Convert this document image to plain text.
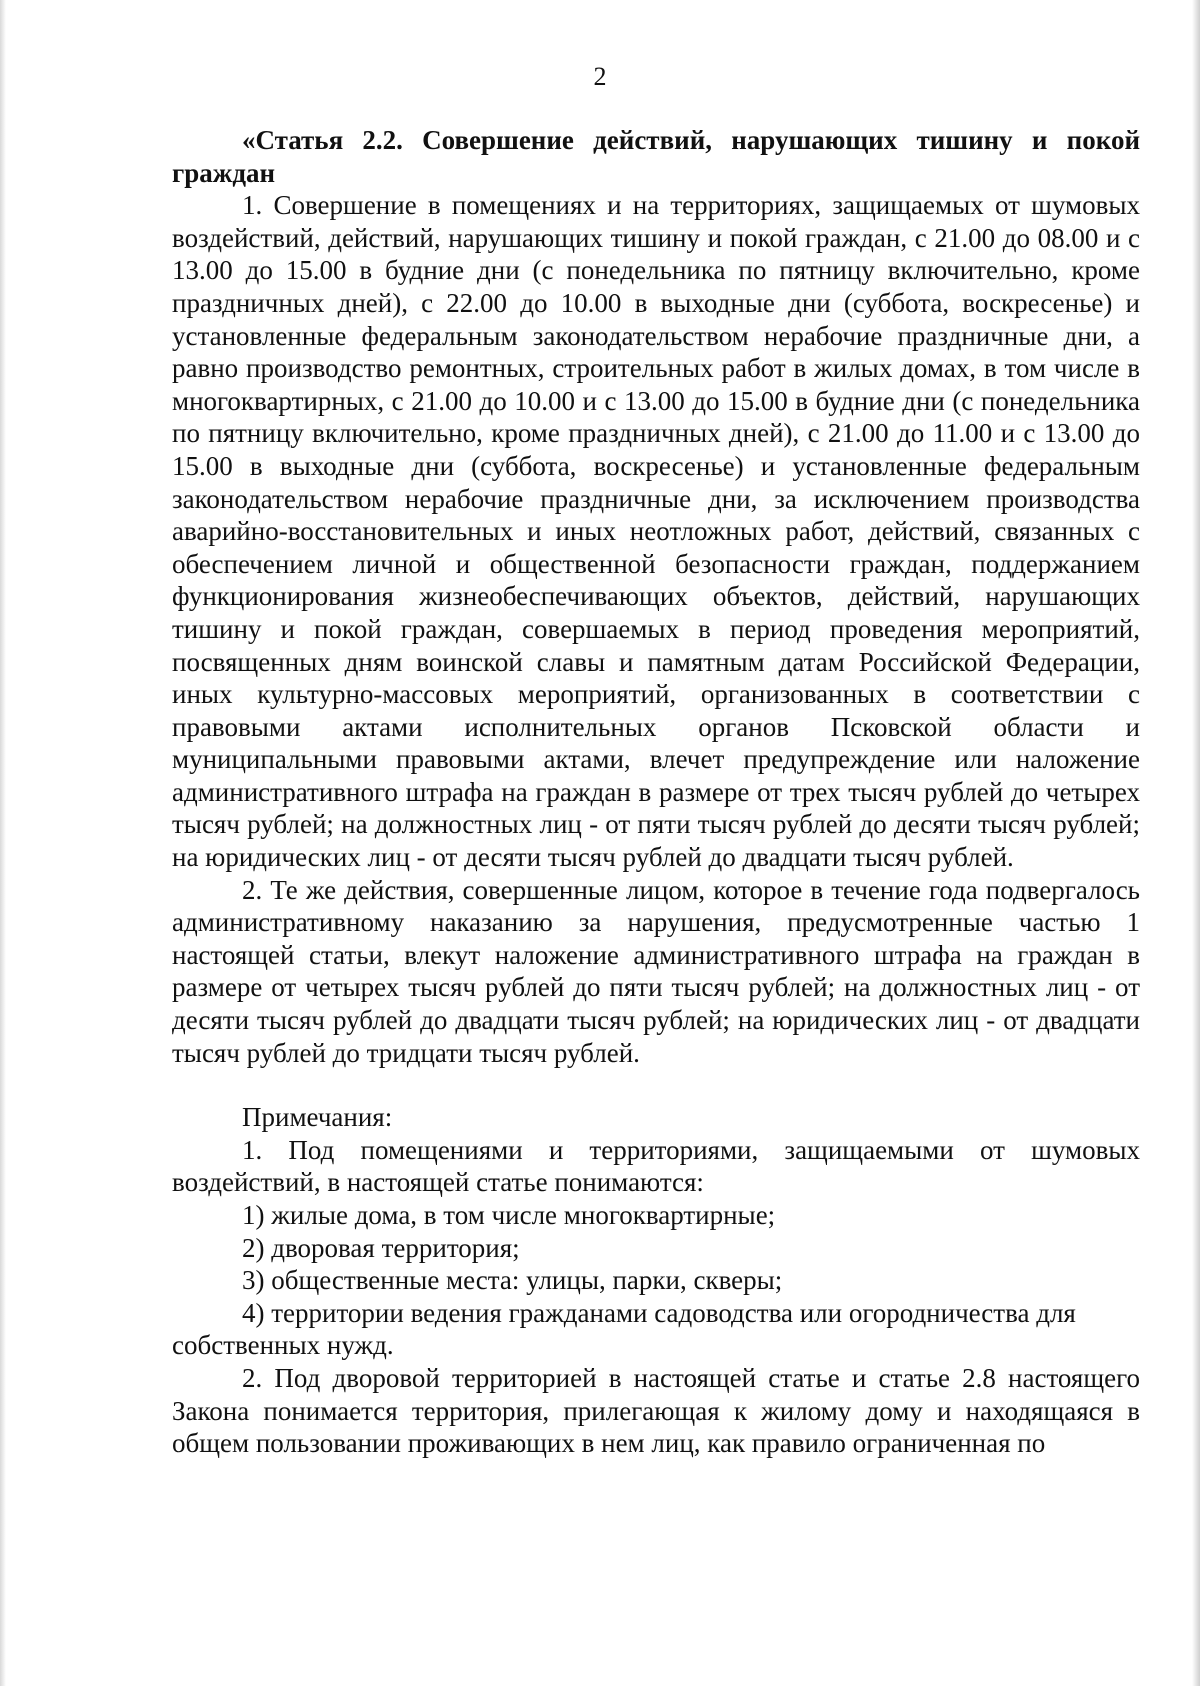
2

«Статья 2.2. Совершение действий, нарушающих тишину и покой граждан

1. Совершение в помещениях и на территориях, защищаемых от шумовых воздействий, действий, нарушающих тишину и покой граждан, с 21.00 до 08.00 и с 13.00 до 15.00 в будние дни (с понедельника по пятницу включительно, кроме праздничных дней), с 22.00 до 10.00 в выходные дни (суббота, воскресенье) и установленные федеральным законодательством нерабочие праздничные дни, а равно производство ремонтных, строительных работ в жилых домах, в том числе в многоквартирных, с 21.00 до 10.00 и с 13.00 до 15.00 в будние дни (с понедельника по пятницу включительно, кроме праздничных дней), с 21.00 до 11.00 и с 13.00 до 15.00 в выходные дни (суббота, воскресенье) и установленные федеральным законодательством нерабочие праздничные дни, за исключением производства аварийно-восстановительных и иных неотложных работ, действий, связанных с обеспечением личной и общественной безопасности граждан, поддержанием функционирования жизнеобеспечивающих объектов, действий, нарушающих тишину и покой граждан, совершаемых в период проведения мероприятий, посвященных дням воинской славы и памятным датам Российской Федерации, иных культурно-массовых мероприятий, организованных в соответствии с правовыми актами исполнительных органов Псковской области и муниципальными правовыми актами, влечет предупреждение или наложение административного штрафа на граждан в размере от трех тысяч рублей до четырех тысяч рублей; на должностных лиц - от пяти тысяч рублей до десяти тысяч рублей; на юридических лиц - от десяти тысяч рублей до двадцати тысяч рублей.

2. Те же действия, совершенные лицом, которое в течение года подвергалось административному наказанию за нарушения, предусмотренные частью 1 настоящей статьи, влекут наложение административного штрафа на граждан в размере от четырех тысяч рублей до пяти тысяч рублей; на должностных лиц - от десяти тысяч рублей до двадцати тысяч рублей; на юридических лиц - от двадцати тысяч рублей до тридцати тысяч рублей.

Примечания:

1. Под помещениями и территориями, защищаемыми от шумовых воздействий, в настоящей статье понимаются:

1) жилые дома, в том числе многоквартирные;

2) дворовая территория;

3) общественные места: улицы, парки, скверы;

4) территории ведения гражданами садоводства или огородничества для собственных нужд.

2. Под дворовой территорией в настоящей статье и статье 2.8 настоящего Закона понимается территория, прилегающая к жилому дому и находящаяся в общем пользовании проживающих в нем лиц, как правило ограниченная по
